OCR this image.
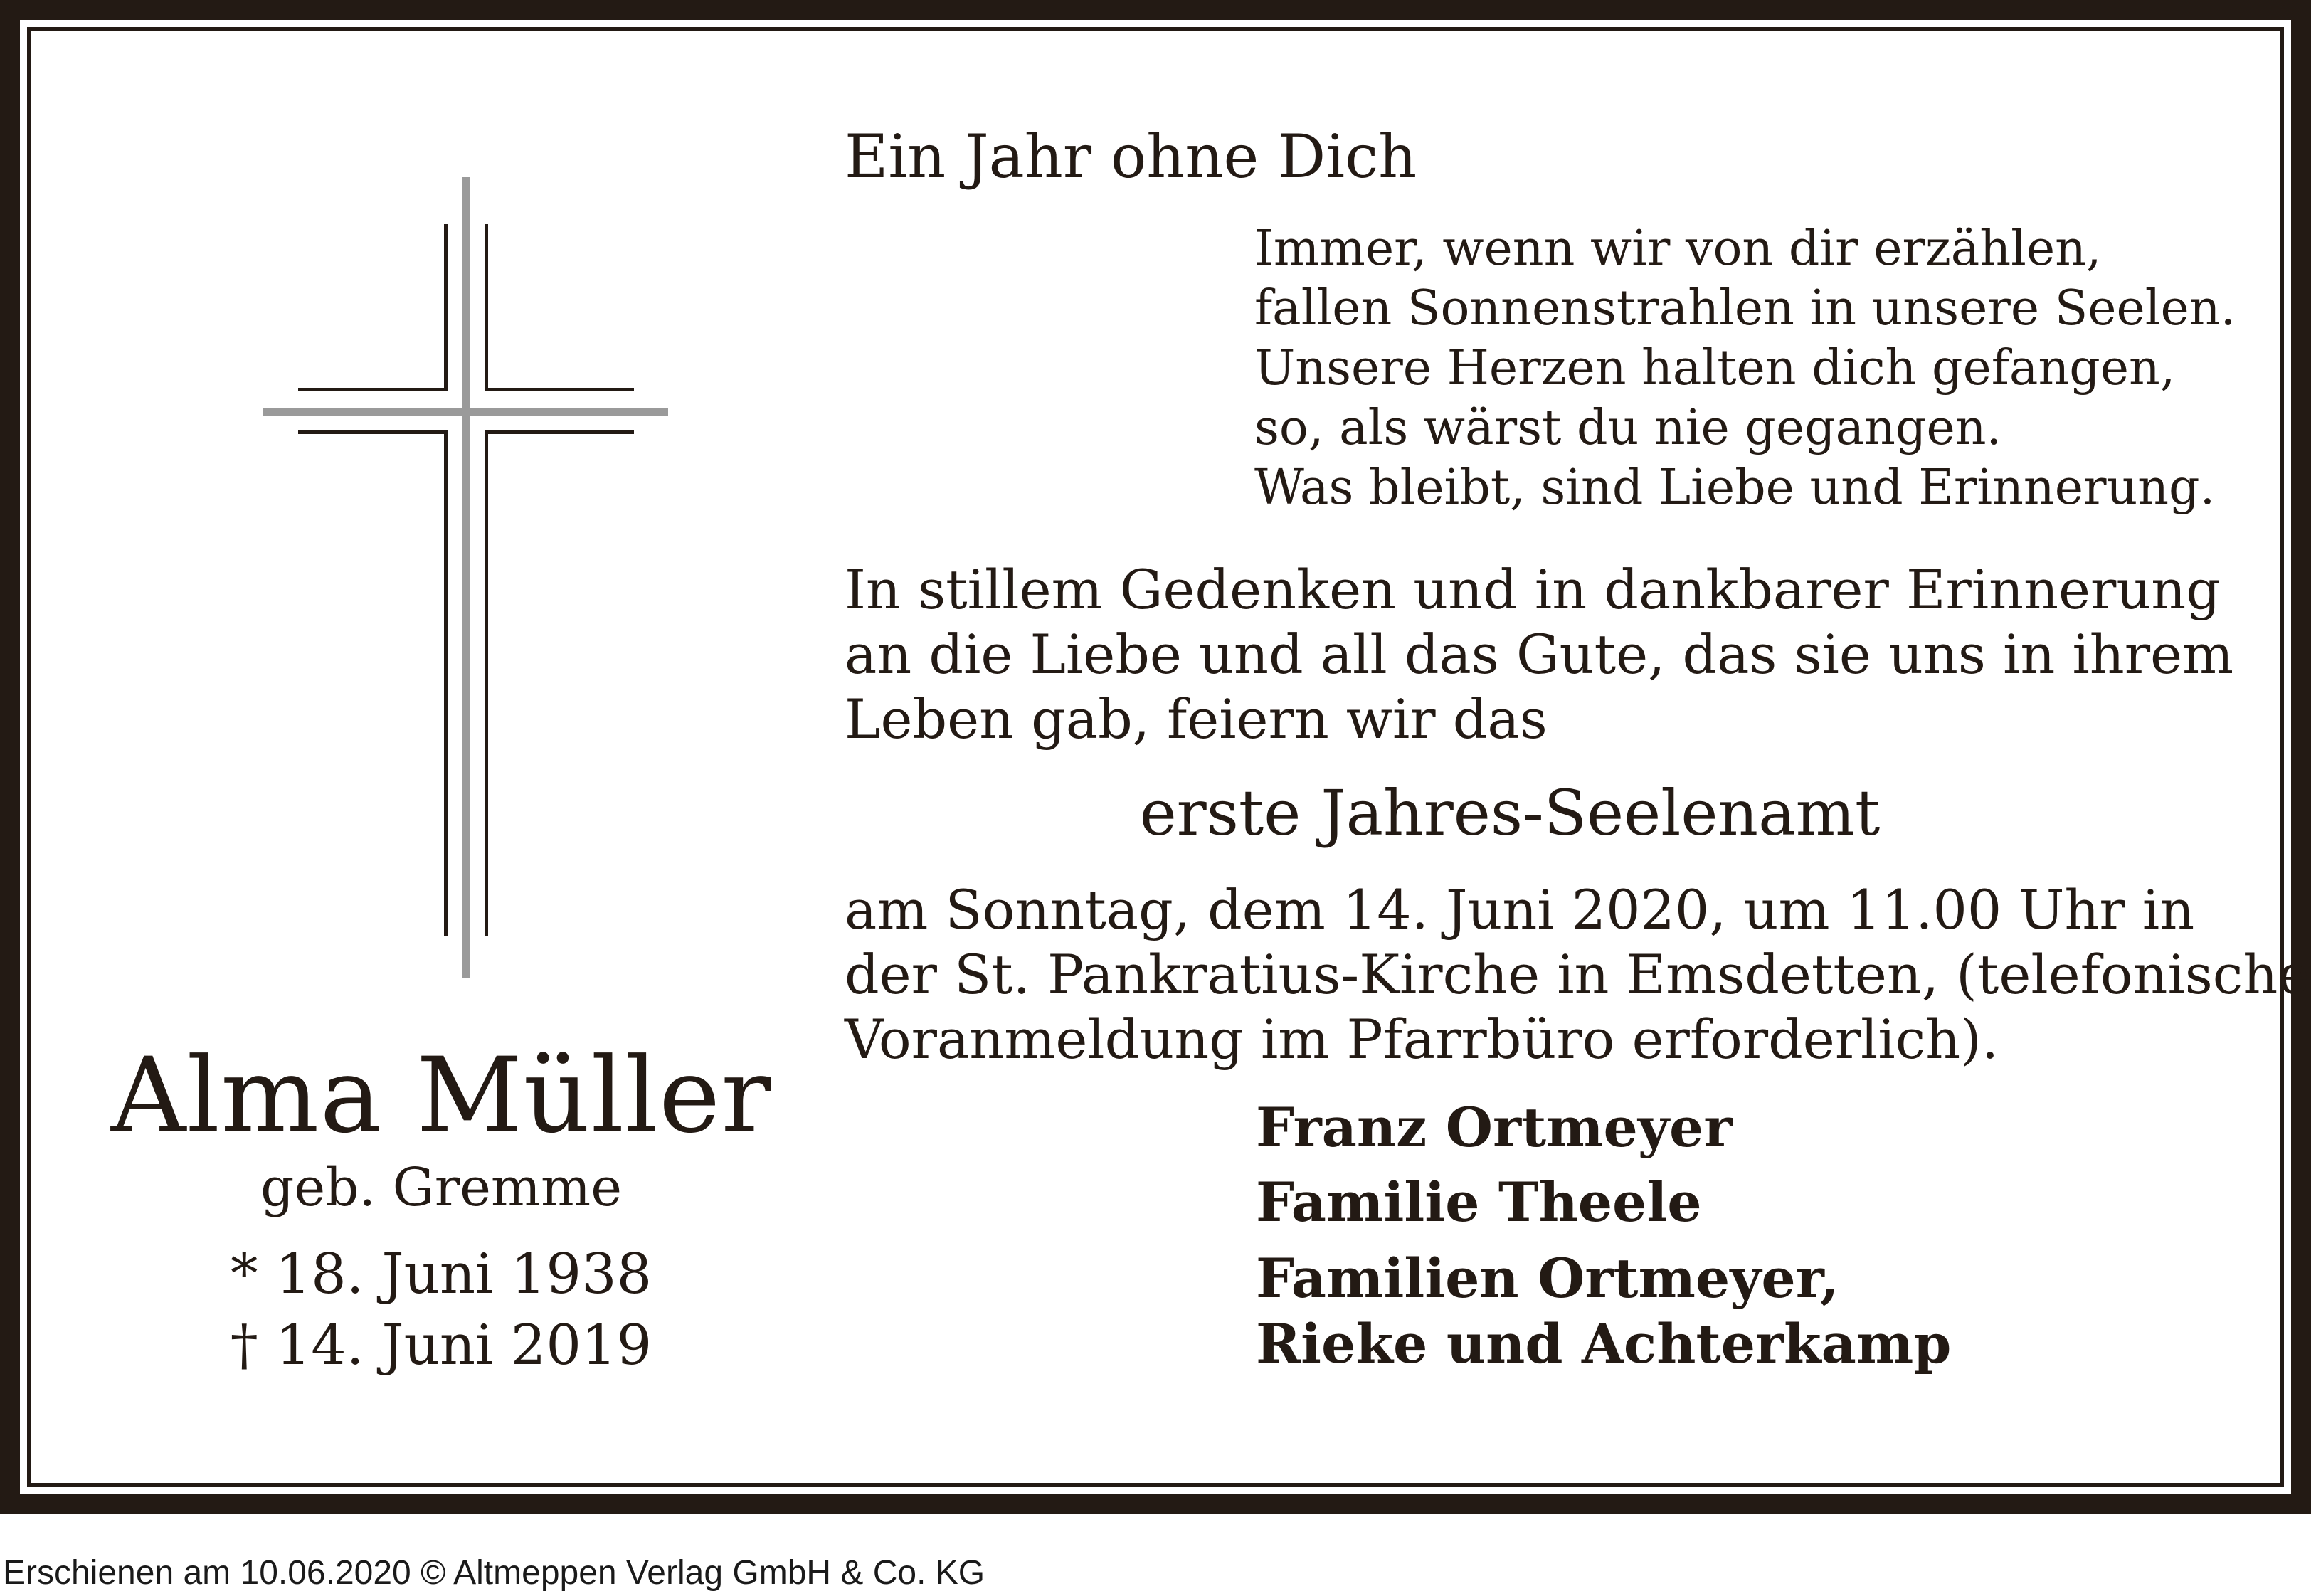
Alma Müller
geb. Gremme
* 18. Juni 1938
† 14. Juni 2019
Ein Jahr ohne Dich
Immer, wenn wir von dir erzählen,
fallen Sonnenstrahlen in unsere Seelen.
Unsere Herzen halten dich gefangen,
so, als wärst du nie gegangen.
Was bleibt, sind Liebe und Erinnerung.
In stillem Gedenken und in dankbarer Erinnerung
an die Liebe und all das Gute, das sie uns in ihrem
Leben gab, feiern wir das
erste Jahres-Seelenamt
am Sonntag, dem 14. Juni 2020, um 11.00 Uhr in
der St. Pankratius-Kirche in Emsdetten, (telefonische
Voranmeldung im Pfarrbüro erforderlich).
Franz Ortmeyer
Familie Theele
Familien Ortmeyer,
Rieke und Achterkamp
Erschienen am 10.06.2020 © Altmeppen Verlag GmbH & Co. KG
